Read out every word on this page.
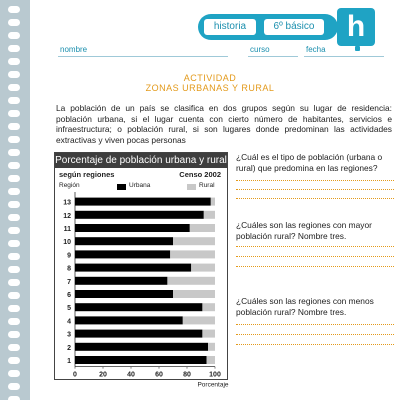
historia	6º básico	h
nombre	curso	fecha
ACTIVIDAD
ZONAS URBANAS Y RURAL
La población de un país se clasifica en dos grupos según su lugar de residencia: población urbana, si el lugar cuenta con cierto número de habitantes, servicios e infraestructura; o población rural, si son lugares donde predominan las actividades extractivas y viven pocas personas
Porcentaje de población urbana y rural
según regiones	Censo 2002
Región	Urbana	Rural
13
12
11
10
9
8
7
6
5
4
3
2
1
0	20	40	60	80	100
Porcentaje
¿Cuál es el tipo de población (urbana o rural) que predomina en las regiones?
¿Cuáles son las regiones con mayor población rural? Nombre tres.
¿Cuáles son las regiones con menos población rural? Nombre tres.
